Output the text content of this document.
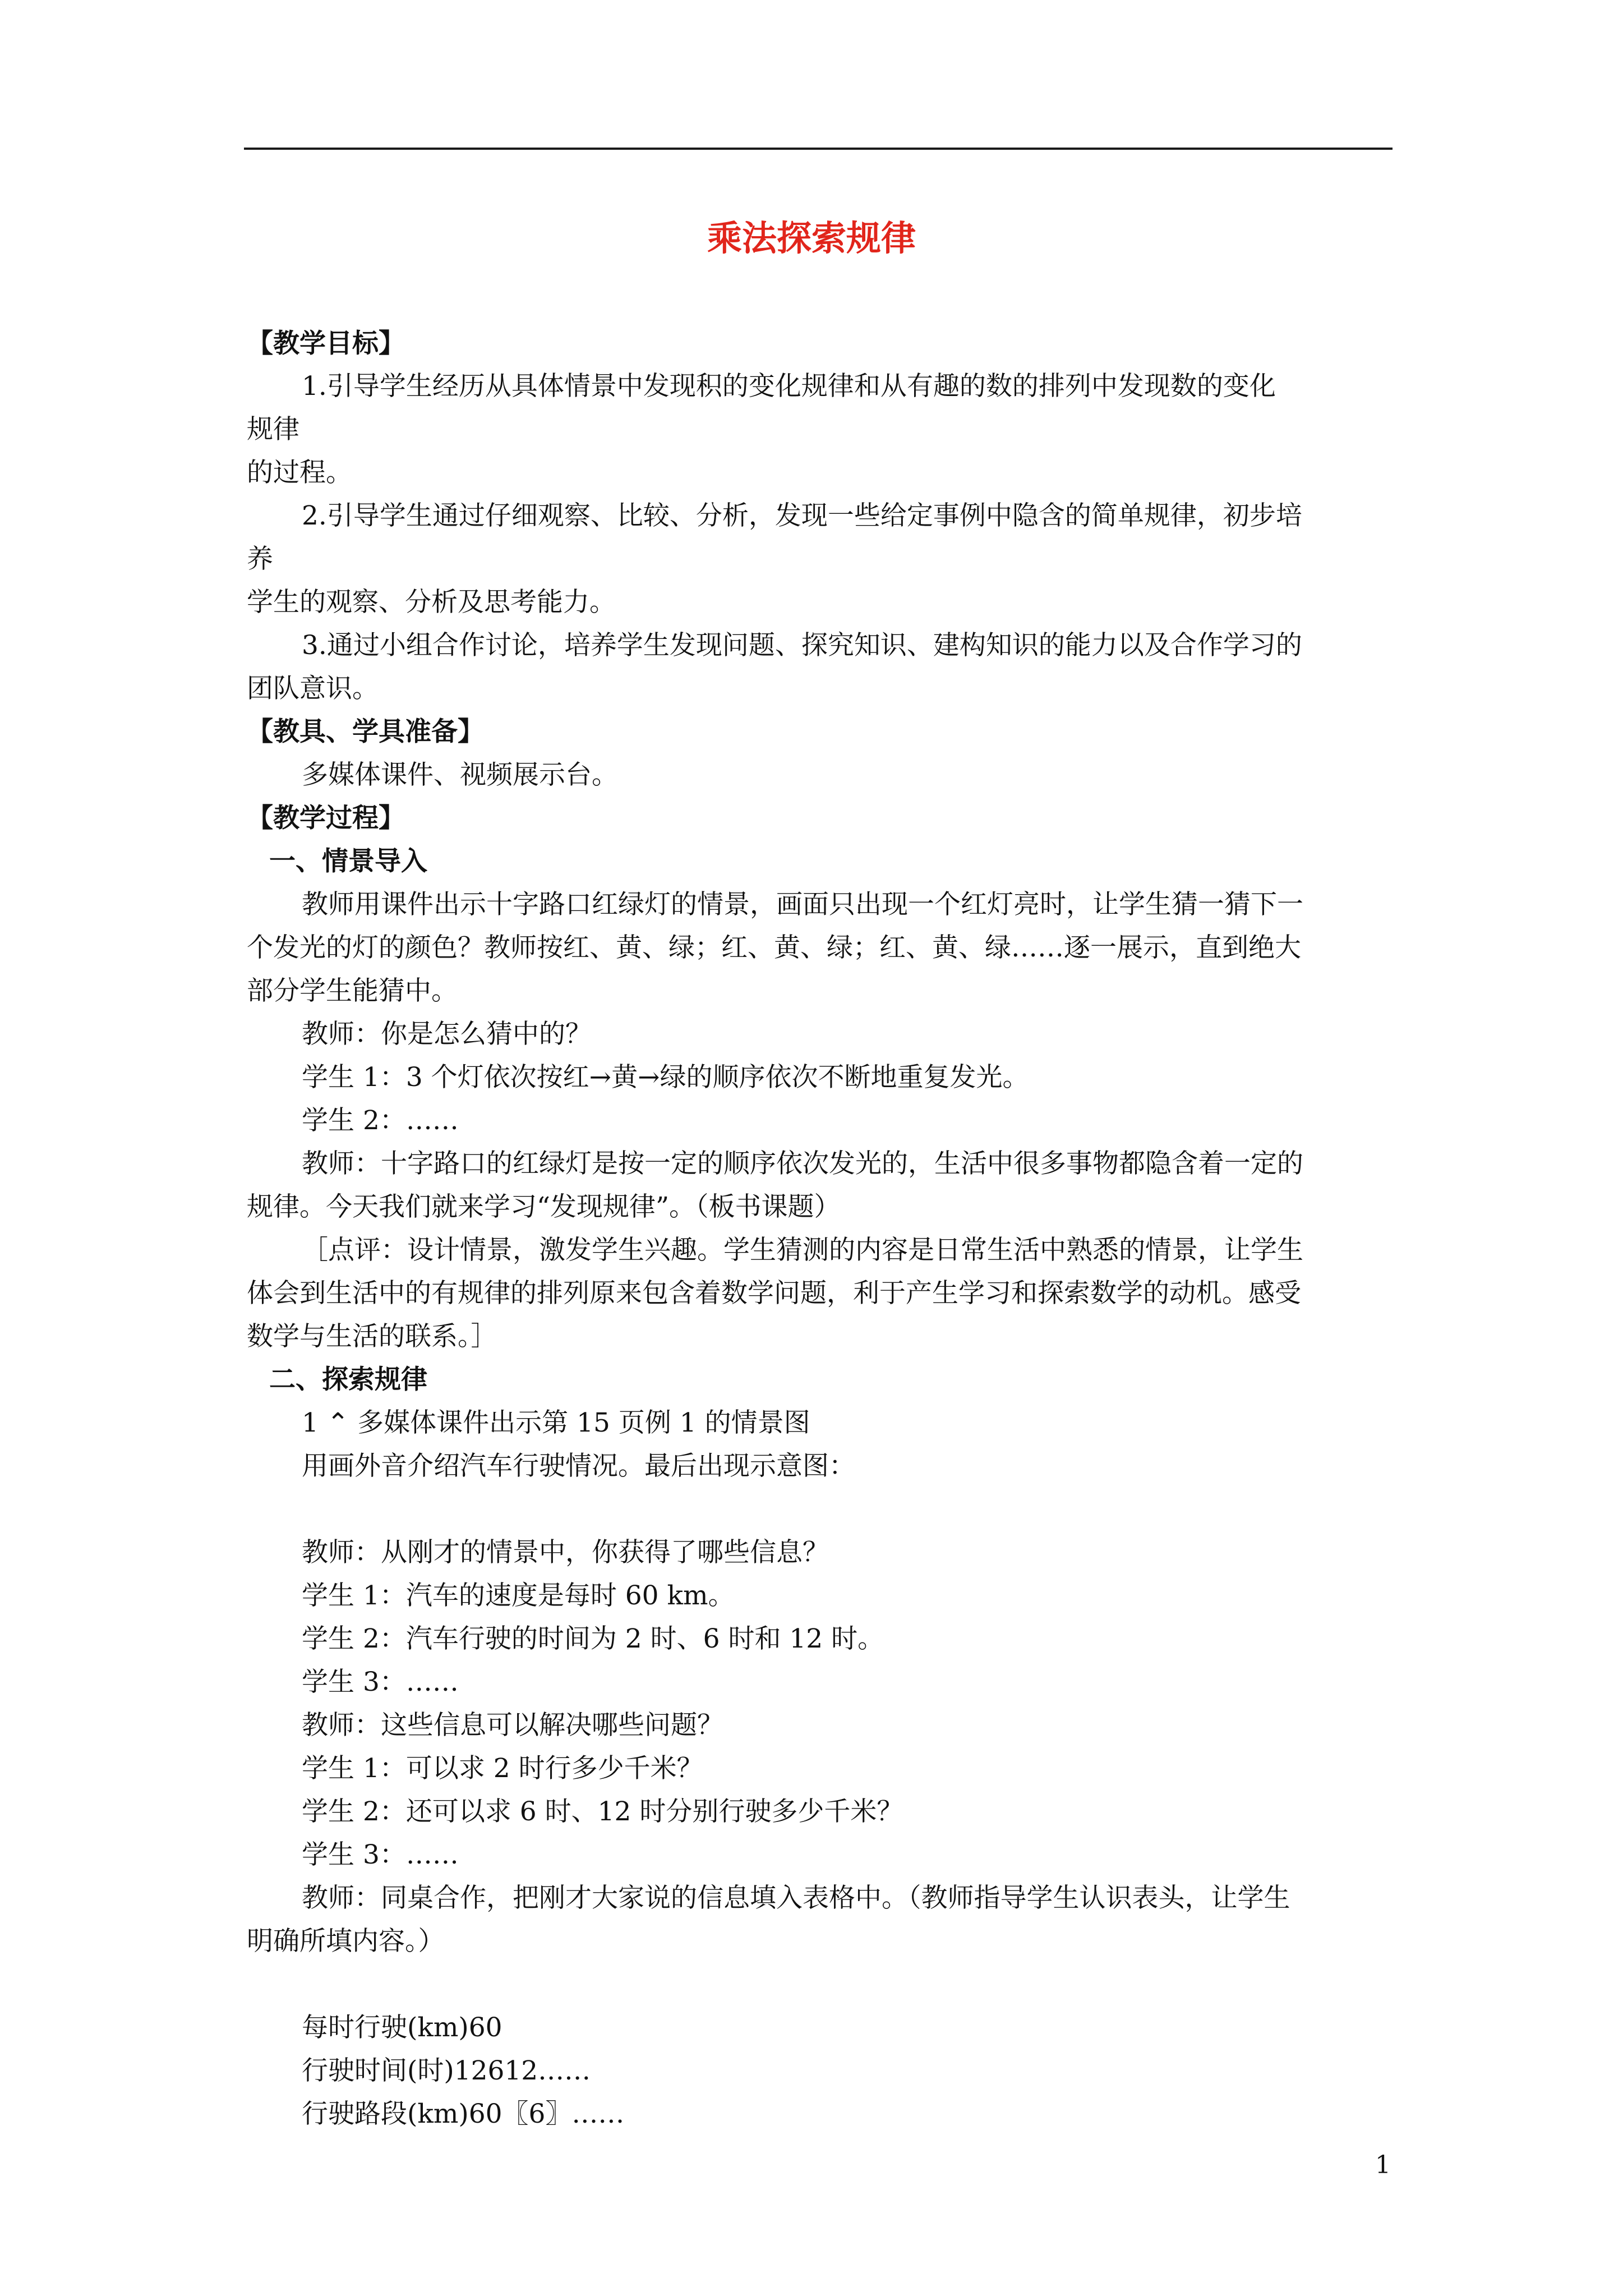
乘法探索规律

【教学目标】

1.引导学生经历从具体情景中发现积的变化规律和从有趣的数的排列中发现数的变化

规律

的过程。

2.引导学生通过仔细观察、比较、分析，发现一些给定事例中隐含的简单规律，初步培

养

学生的观察、分析及思考能力。

3.通过小组合作讨论，培养学生发现问题、探究知识、建构知识的能力以及合作学习的

团队意识。

【教具、学具准备】

多媒体课件、视频展示台。

【教学过程】

一、情景导入

教师用课件出示十字路口红绿灯的情景，画面只出现一个红灯亮时，让学生猜一猜下一

个发光的灯的颜色？教师按红、黄、绿；红、黄、绿；红、黄、绿……逐一展示，直到绝大

部分学生能猜中。

教师：你是怎么猜中的？

学生 1：3 个灯依次按红→黄→绿的顺序依次不断地重复发光。

学生 2：……

教师：十字路口的红绿灯是按一定的顺序依次发光的，生活中很多事物都隐含着一定的

规律。今天我们就来学习“发现规律”。（板书课题）

［点评：设计情景，激发学生兴趣。学生猜测的内容是日常生活中熟悉的情景，让学生

体会到生活中的有规律的排列原来包含着数学问题，利于产生学习和探索数学的动机。感受

数学与生活的联系。］

二、探索规律

1 ⌃ 多媒体课件出示第 15 页例 1 的情景图

用画外音介绍汽车行驶情况。最后出现示意图：

教师：从刚才的情景中，你获得了哪些信息？

学生 1：汽车的速度是每时 60 km。

学生 2：汽车行驶的时间为 2 时、6 时和 12 时。

学生 3：……

教师：这些信息可以解决哪些问题？

学生 1：可以求 2 时行多少千米？

学生 2：还可以求 6 时、12 时分别行驶多少千米？

学生 3：……

教师：同桌合作，把刚才大家说的信息填入表格中。（教师指导学生认识表头，让学生

明确所填内容。）

每时行驶(km)60

行驶时间(时)12612……

行驶路段(km)60〖6〗……

1
